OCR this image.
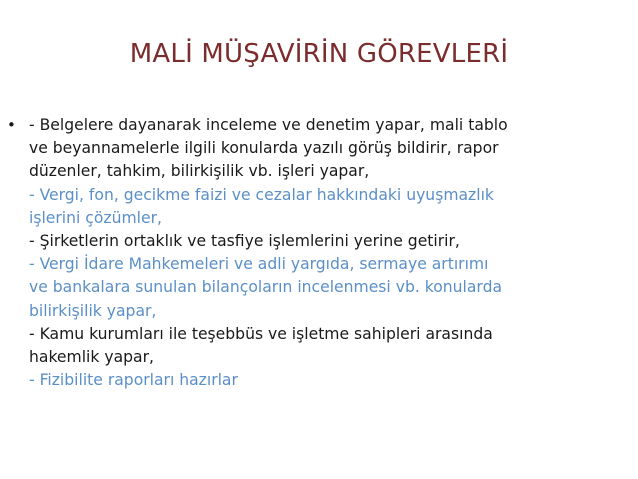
MALİ MÜŞAVİRİN GÖREVLERİ
• - Belgelere dayanarak inceleme ve denetim yapar, mali tablo
ve beyannamelerle ilgili konularda yazılı görüş bildirir, rapor
düzenler, tahkim, bilirkişilik vb. işleri yapar,
- Vergi, fon, gecikme faizi ve cezalar hakkındaki uyuşmazlık
işlerini çözümler,
- Şirketlerin ortaklık ve tasfiye işlemlerini yerine getirir,
- Vergi İdare Mahkemeleri ve adli yargıda, sermaye artırımı
ve bankalara sunulan bilançoların incelenmesi vb. konularda
bilirkişilik yapar,
- Kamu kurumları ile teşebbüs ve işletme sahipleri arasında
hakemlik yapar,
- Fizibilite raporları hazırlar
